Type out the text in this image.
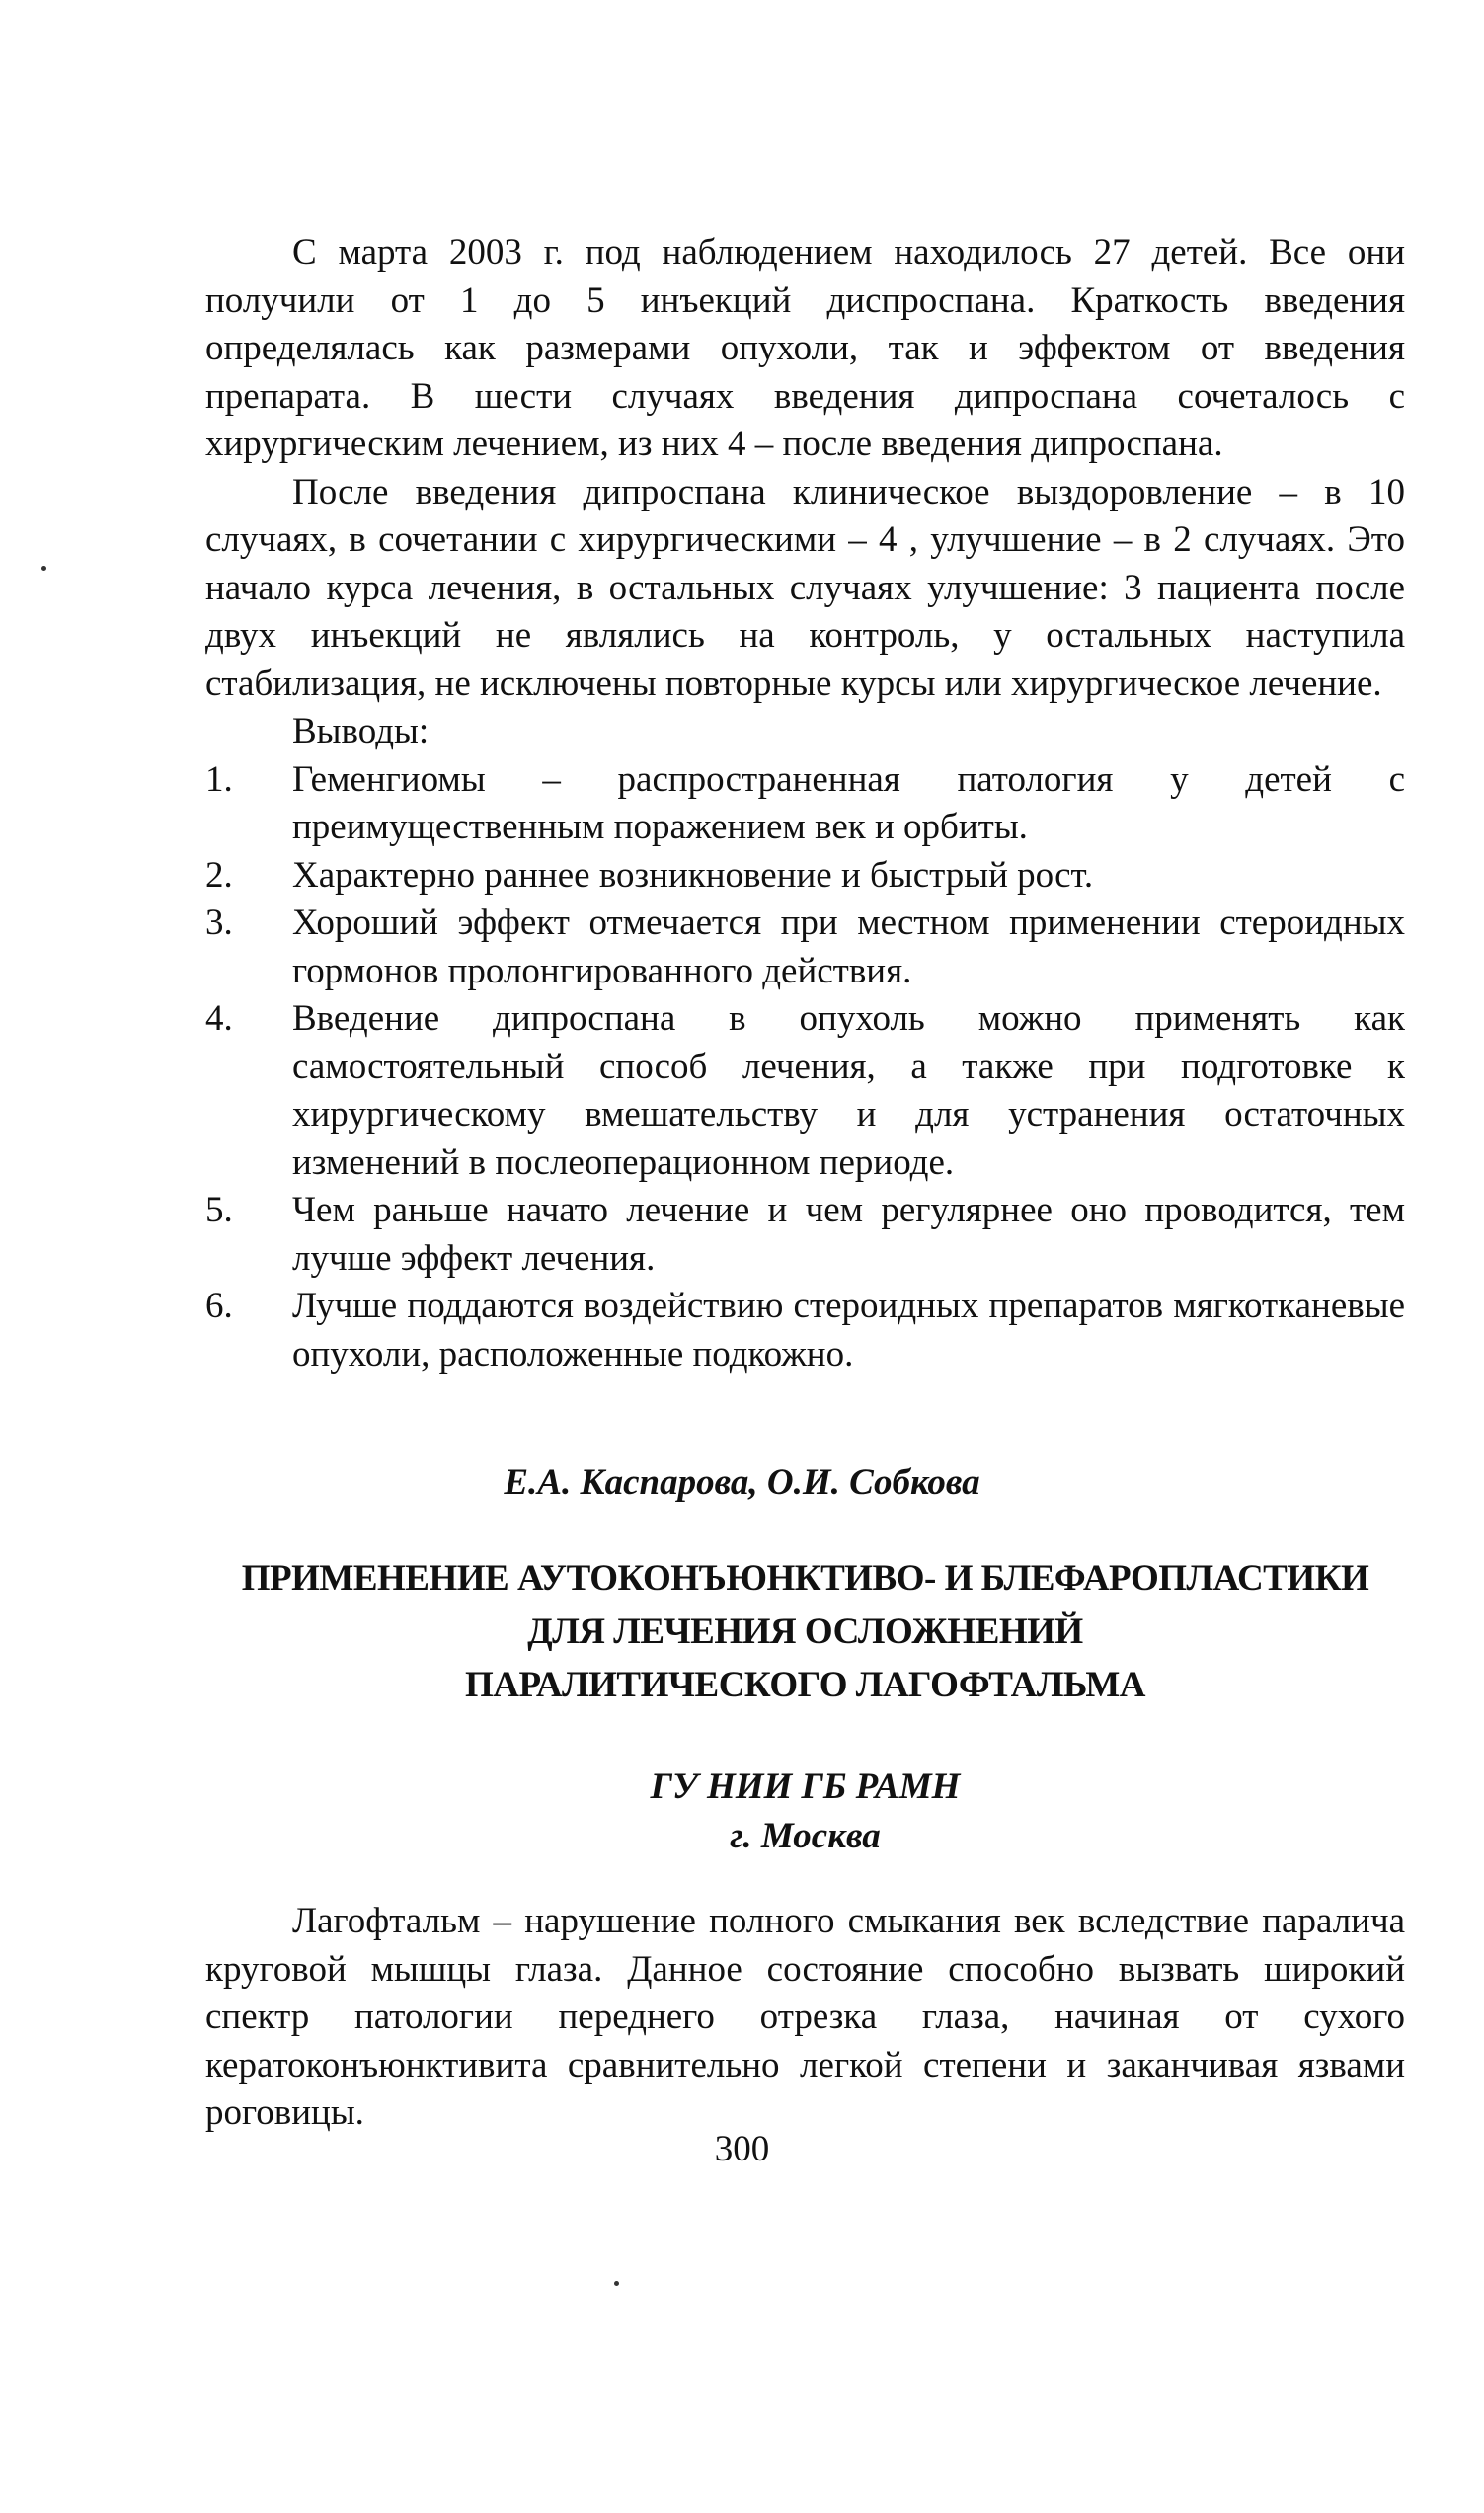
С марта 2003 г. под наблюдением находилось 27 детей. Все они получили от 1 до 5 инъекций диспроспана. Краткость введения определялась как размерами опухоли, так и эффектом от введения препарата. В шести случаях введения дипроспана сочеталось с хирургическим лечением, из них 4 – после введения дипроспана.

После введения дипроспана клиническое выздоровление – в 10 случаях, в сочетании с хирургическими – 4 , улучшение – в 2 случаях. Это начало курса лечения, в остальных случаях улучшение: 3 пациента после двух инъекций не являлись на контроль, у остальных наступила стабилизация, не исключены повторные курсы или хирургическое лечение.

Выводы:

1.	Геменгиомы – распространенная патология у детей с преимущественным поражением век и орбиты.
2.	Характерно раннее возникновение и быстрый рост.
3.	Хороший эффект отмечается при местном применении стероидных гормонов пролонгированного действия.
4.	Введение дипроспана в опухоль можно применять как самостоятельный способ лечения, а также при подготовке к хирургическому вмешательству и для устранения остаточных изменений в послеоперационном периоде.
5.	Чем раньше начато лечение и чем регулярнее оно проводится, тем лучше эффект лечения.
6.	Лучше поддаются воздействию стероидных препаратов мягкотканевые опухоли, расположенные подкожно.
Е.А. Каспарова, О.И. Собкова
ПРИМЕНЕНИЕ АУТОКОНЪЮНКТИВО- И БЛЕФАРОПЛАСТИКИ
ДЛЯ ЛЕЧЕНИЯ ОСЛОЖНЕНИЙ
ПАРАЛИТИЧЕСКОГО ЛАГОФТАЛЬМА
ГУ НИИ ГБ РАМН
г. Москва

Лагофтальм – нарушение полного смыкания век вследствие паралича круговой мышцы глаза. Данное состояние способно вызвать широкий спектр патологии переднего отрезка глаза, начиная от сухого кератоконъюнктивита сравнительно легкой степени и заканчивая язвами роговицы.

300
